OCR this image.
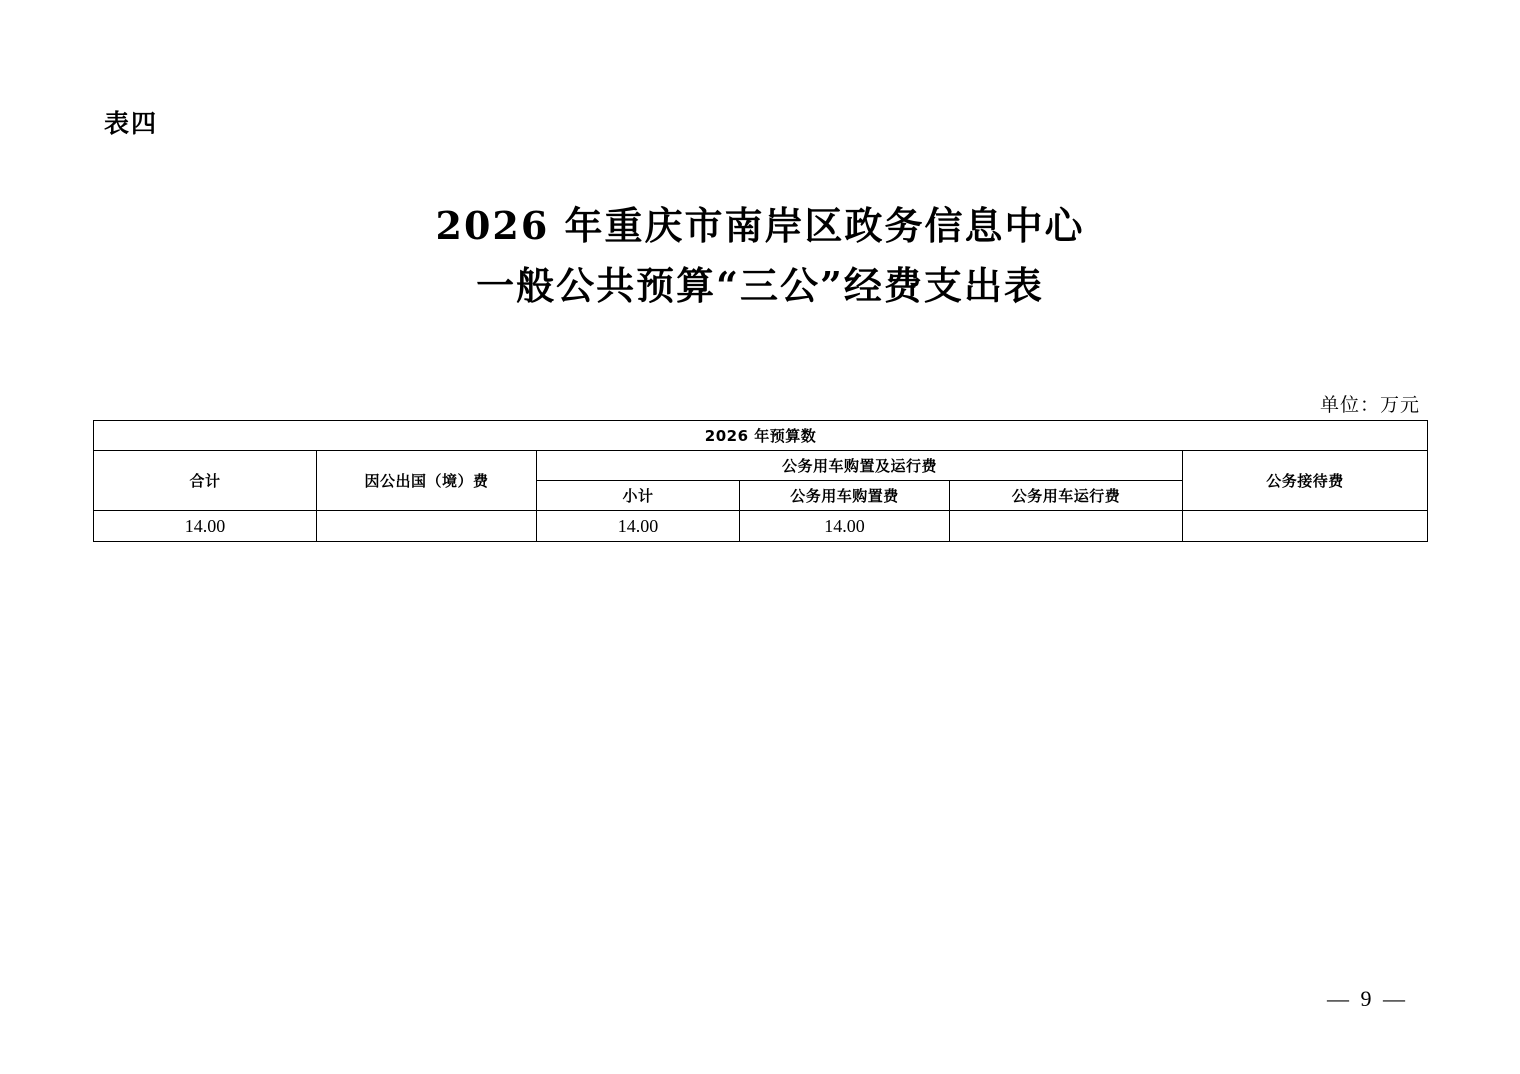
表四
2026 年重庆市南岸区政务信息中心
一般公共预算“三公”经费支出表
单位：万元
2026 年预算数					
合计	因公出国（境）费	公务用车购置及运行费			公务接待费
		小计	公务用车购置费	公务用车运行费	
14.00		14.00	14.00		
— 9 —
